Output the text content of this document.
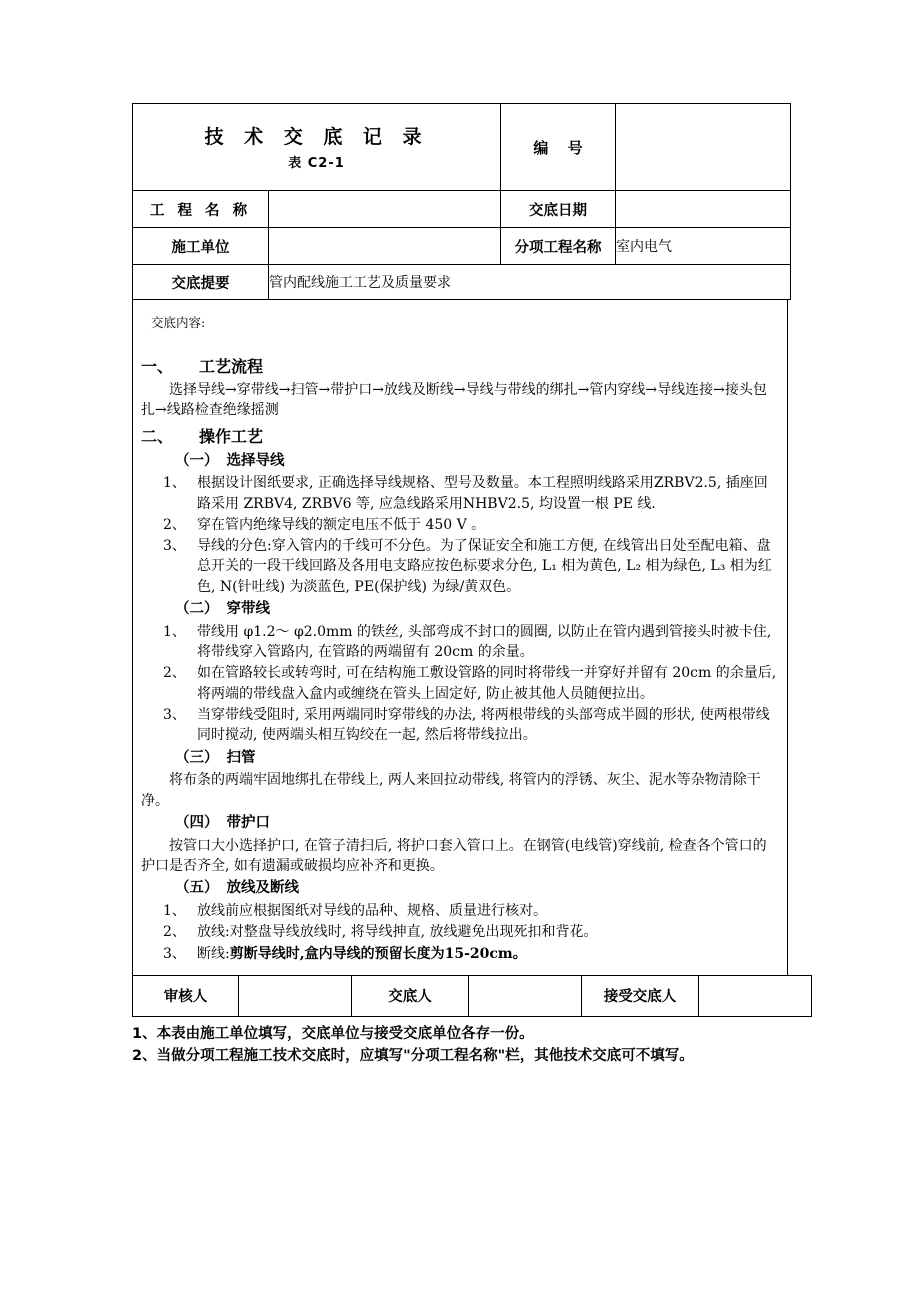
技 术 交 底 记 录
表 C2-1		编 号	
工 程 名 称		交底日期	
施工单位		分项工程名称	室内电气
交底提要	管内配线施工工艺及质量要求		
交底内容:
一、 工艺流程
选择导线→穿带线→扫管→带护口→放线及断线→导线与带线的绑扎→管内穿线→导线连接→接头包扎→线路检查绝缘摇测
二、 操作工艺
（一） 选择导线
1、 根据设计图纸要求, 正确选择导线规格、型号及数量。本工程照明线路采用ZRBV2.5, 插座回路采用 ZRBV4, ZRBV6 等, 应急线路采用NHBV2.5, 均设置一根 PE 线.
2、 穿在管内绝缘导线的额定电压不低于 450 V 。
3、 导线的分色:穿入管内的千线可不分色。为了保证安全和施工方便, 在线管出日处至配电箱、盘总开关的一段干线回路及各用电支路应按色标要求分色, L₁ 相为黄色, L₂ 相为绿色, L₃ 相为红色, N(针吐线) 为淡蓝色, PE(保护线) 为绿/黄双色。
（二） 穿带线
1、 带线用 φ1.2～ φ2.0mm 的铁丝, 头部弯成不封口的圆圈, 以防止在管内遇到管接头时被卡住, 将带线穿入管路内, 在管路的两端留有 20cm 的余量。
2、 如在管路较长或转弯时, 可在结构施工敷设管路的同时将带线一并穿好并留有 20cm 的余量后, 将两端的带线盘入盒内或缠绕在管头上固定好, 防止被其他人员随便拉出。
3、 当穿带线受阻时, 采用两端同时穿带线的办法, 将两根带线的头部弯成半圆的形状, 使两根带线同时搅动, 使两端头相互钩绞在一起, 然后将带线拉出。
（三） 扫管
将布条的两端牢固地绑扎在带线上, 两人来回拉动带线, 将管内的浮锈、灰尘、泥水等杂物清除干净。
（四） 带护口
按管口大小选择护口, 在管子清扫后, 将护口套入管口上。在钢管(电线管)穿线前, 检查各个管口的护口是否齐全, 如有遗漏或破损均应补齐和更换。
（五） 放线及断线
1、 放线前应根据图纸对导线的品种、规格、质量进行核对。
2、 放线:对整盘导线放线时, 将导线抻直, 放线避免出现死扣和背花。
3、 断线:剪断导线时,盒内导线的预留长度为15-20cm。
审核人		交底人		接受交底人	
1、本表由施工单位填写，交底单位与接受交底单位各存一份。
2、当做分项工程施工技术交底时，应填写"分项工程名称"栏，其他技术交底可不填写。
